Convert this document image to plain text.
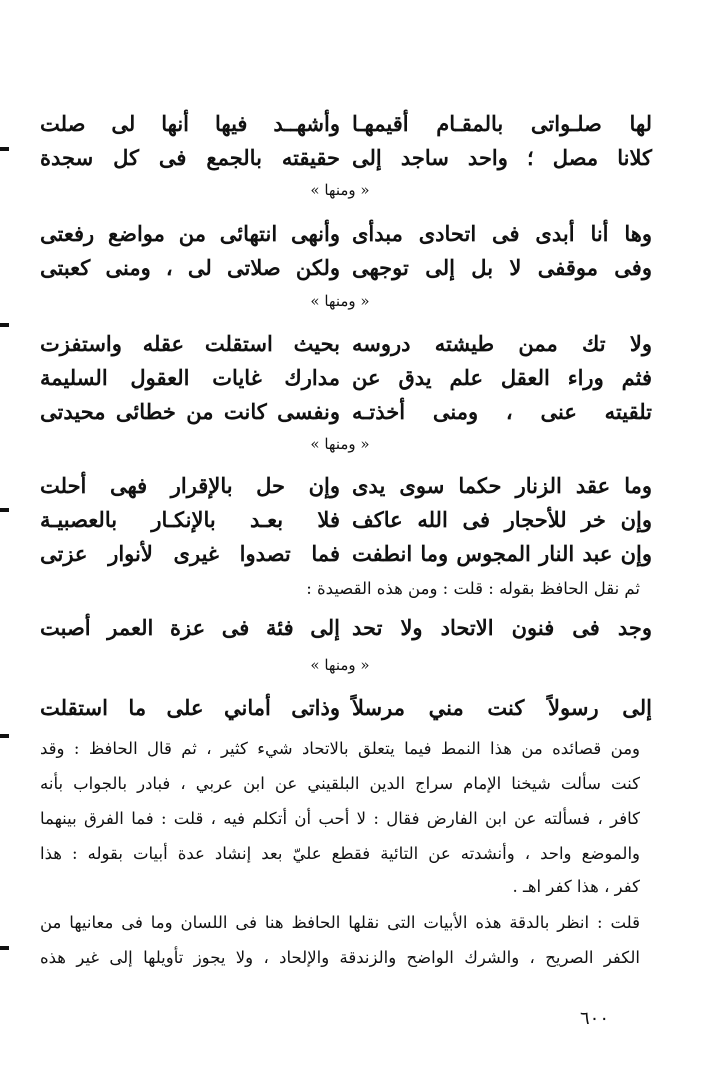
لها صلـواتى بالمقـام أقيمهـا
وأشهــد فيها أنها لى صلت
كلانا مصل ؛ واحد ساجد إلى
حقيقته بالجمع فى كل سجدة
« ومنها »
وها أنا أبدى فى اتحادى مبدأى
وأنهى انتهائى من مواضع رفعتى
وفى موقفى لا بل إلى توجهى
ولكن صلاتى لى ، ومنى كعبتى
« ومنها »
ولا تك ممن طيشته دروسه
بحيث استقلت عقله واستفزت
فثم وراء العقل علم يدق عن
مدارك غايات العقول السليمة
تلقيته عنى ، ومنى أخذتـه
ونفسى كانت من خطائى محيدتى
« ومنها »
وما عقد الزنار حكما سوى يدى
وإن حل بالإقرار فهى أحلت
وإن خر للأحجار فى الله عاكف
فلا بعـد بالإنكـار بالعصبيـة
وإن عبد النار المجوس وما انطفت
فما تصدوا غيرى لأنوار عزتى
ثم نقل الحافظ بقوله : قلت : ومن هذه القصيدة :
وجد فى فنون الاتحاد ولا تحد
إلى فئة فى عزة العمر أصبت
« ومنها »
إلى رسولاً كنت مني مرسلاً
وذاتى أماني على ما استقلت
ومن قصائده من هذا النمط فيما يتعلق بالاتحاد شيء كثير ، ثم قال الحافظ : وقد
كنت سألت شيخنا الإمام سراج الدين البلقيني عن ابن عربي ، فبادر بالجواب بأنه
كافر ، فسألته عن ابن الفارض فقال : لا أحب أن أتكلم فيه ، قلت : فما الفرق بينهما
والموضع واحد ، وأنشدته عن التائية فقطع عليّ بعد إنشاد عدة أبيات بقوله : هذا
كفر ، هذا كفر اهـ .
قلت : انظر بالدقة هذه الأبيات التى نقلها الحافظ هنا فى اللسان وما فى معانيها من
الكفر الصريح ، والشرك الواضح والزندقة والإلحاد ، ولا يجوز تأويلها إلى غير هذه
٦٠٠
